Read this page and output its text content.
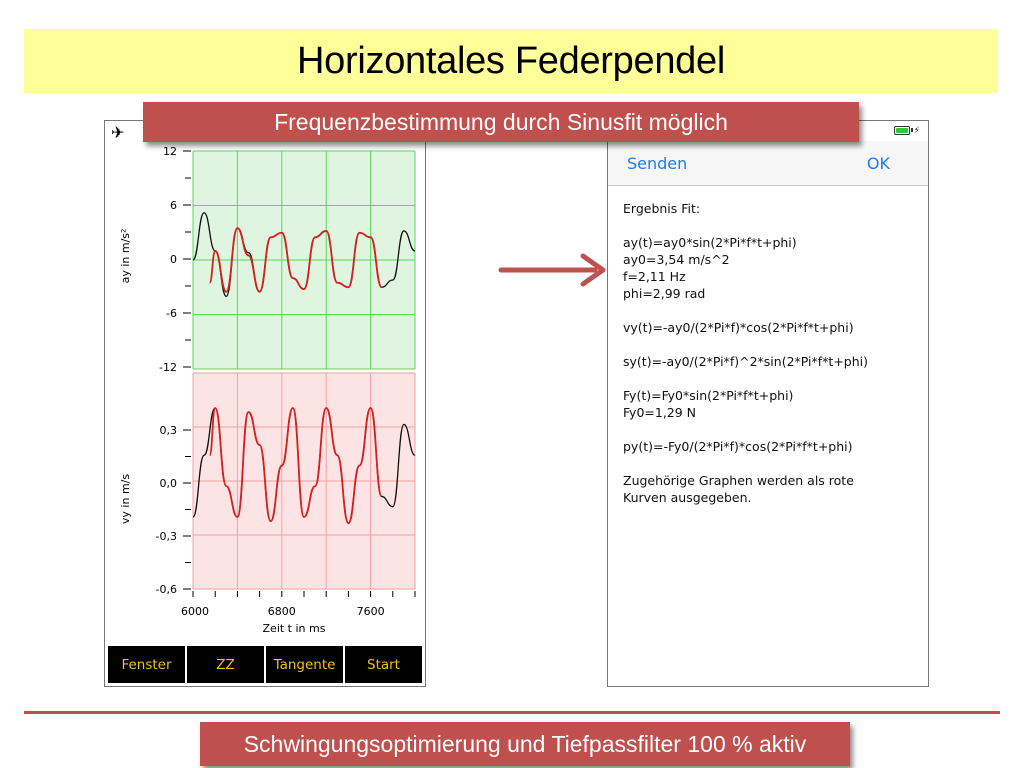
Horizontales Federpendel
✈
12
6
0
-6
-12
ay in m/s²
0,3
0,0
-0,3
-0,6
vy in m/s
6000	6800	7600
Zeit t in ms
Fenster	ZZ	Tangente	Start
⚡
Senden	OK
Ergebnis Fit:
ay(t)=ay0*sin(2*Pi*f*t+phi)
ay0=3,54 m/s^2
f=2,11 Hz
phi=2,99 rad
vy(t)=-ay0/(2*Pi*f)*cos(2*Pi*f*t+phi)
sy(t)=-ay0/(2*Pi*f)^2*sin(2*Pi*f*t+phi)
Fy(t)=Fy0*sin(2*Pi*f*t+phi)
Fy0=1,29 N
py(t)=-Fy0/(2*Pi*f)*cos(2*Pi*f*t+phi)
Zugehörige Graphen werden als rote
Kurven ausgegeben.
Frequenzbestimmung durch Sinusfit möglich
Schwingungsoptimierung und Tiefpassfilter 100 % aktiv
